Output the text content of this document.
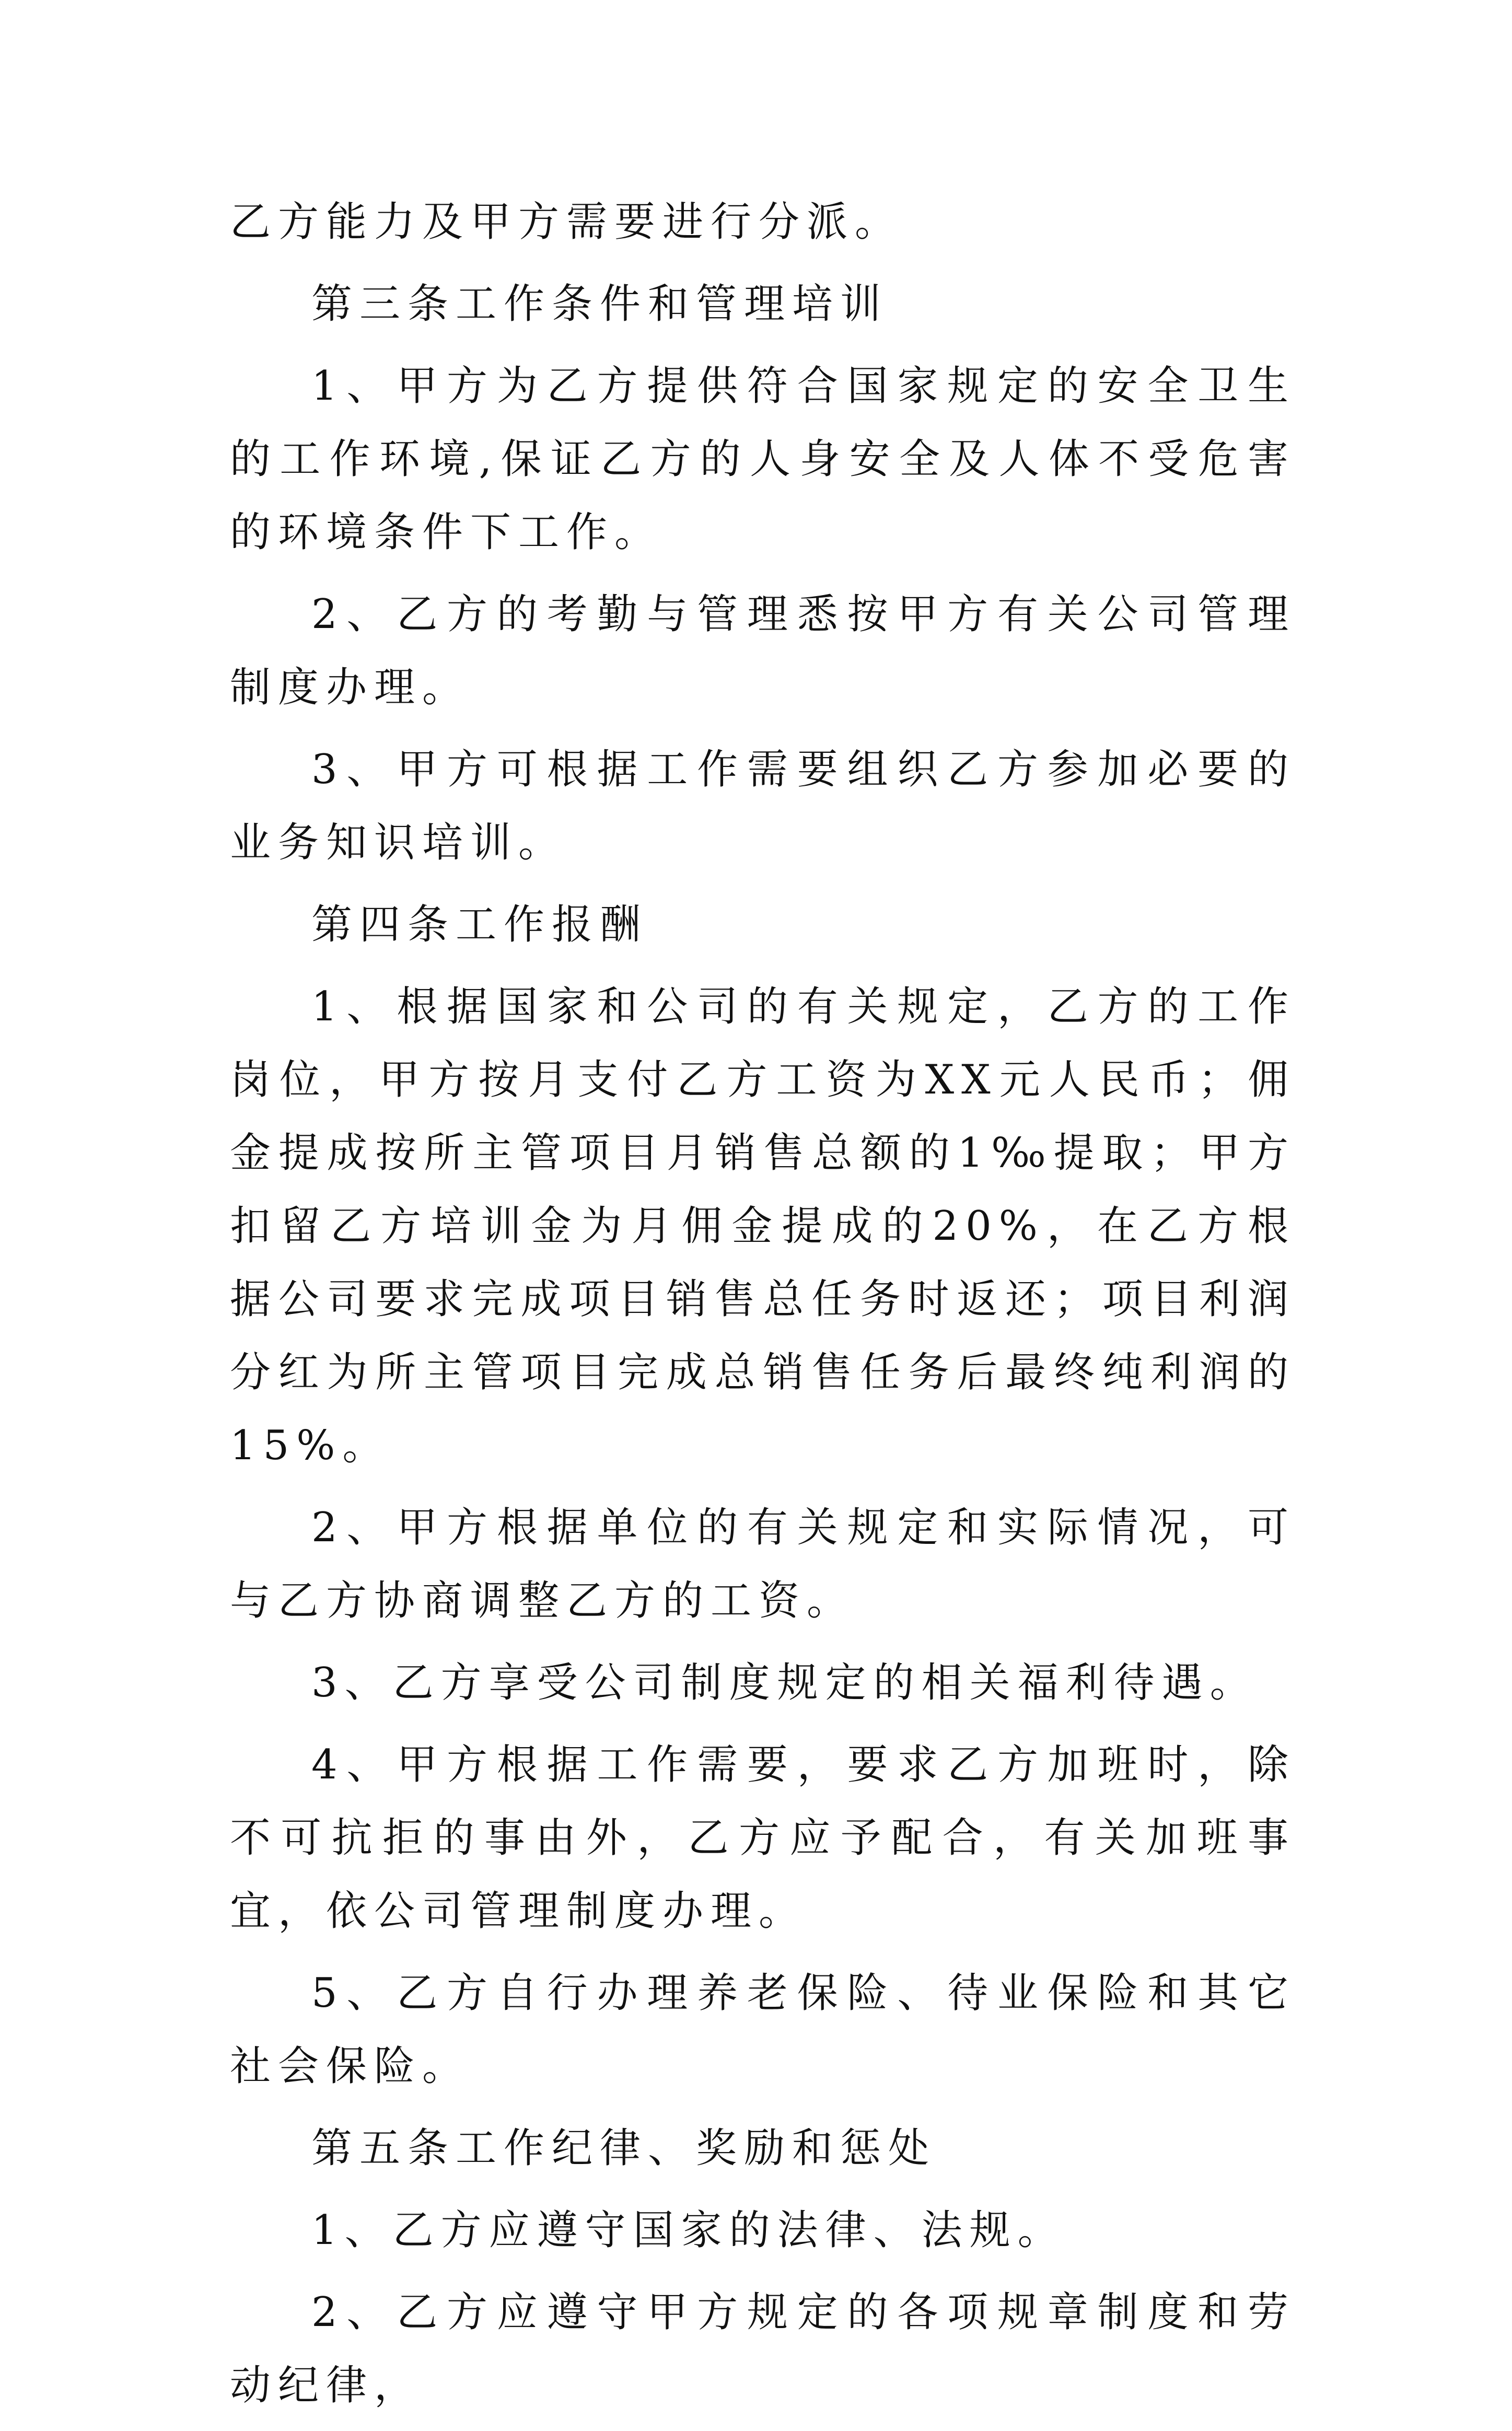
乙方能力及甲方需要进行分派。

第三条工作条件和管理培训

1、甲方为乙方提供符合国家规定的安全卫生的工作环境,保证乙方的人身安全及人体不受危害的环境条件下工作。

2、乙方的考勤与管理悉按甲方有关公司管理制度办理。

3、甲方可根据工作需要组织乙方参加必要的业务知识培训。

第四条工作报酬

1、根据国家和公司的有关规定，乙方的工作岗位，甲方按月支付乙方工资为XX元人民币；佣金提成按所主管项目月销售总额的1‰提取；甲方扣留乙方培训金为月佣金提成的20%，在乙方根据公司要求完成项目销售总任务时返还；项目利润分红为所主管项目完成总销售任务后最终纯利润的15%。

2、甲方根据单位的有关规定和实际情况，可与乙方协商调整乙方的工资。

3、乙方享受公司制度规定的相关福利待遇。

4、甲方根据工作需要，要求乙方加班时，除不可抗拒的事由外，乙方应予配合，有关加班事宜，依公司管理制度办理。

5、乙方自行办理养老保险、待业保险和其它社会保险。

第五条工作纪律、奖励和惩处

1、乙方应遵守国家的法律、法规。

2、乙方应遵守甲方规定的各项规章制度和劳动纪律，
